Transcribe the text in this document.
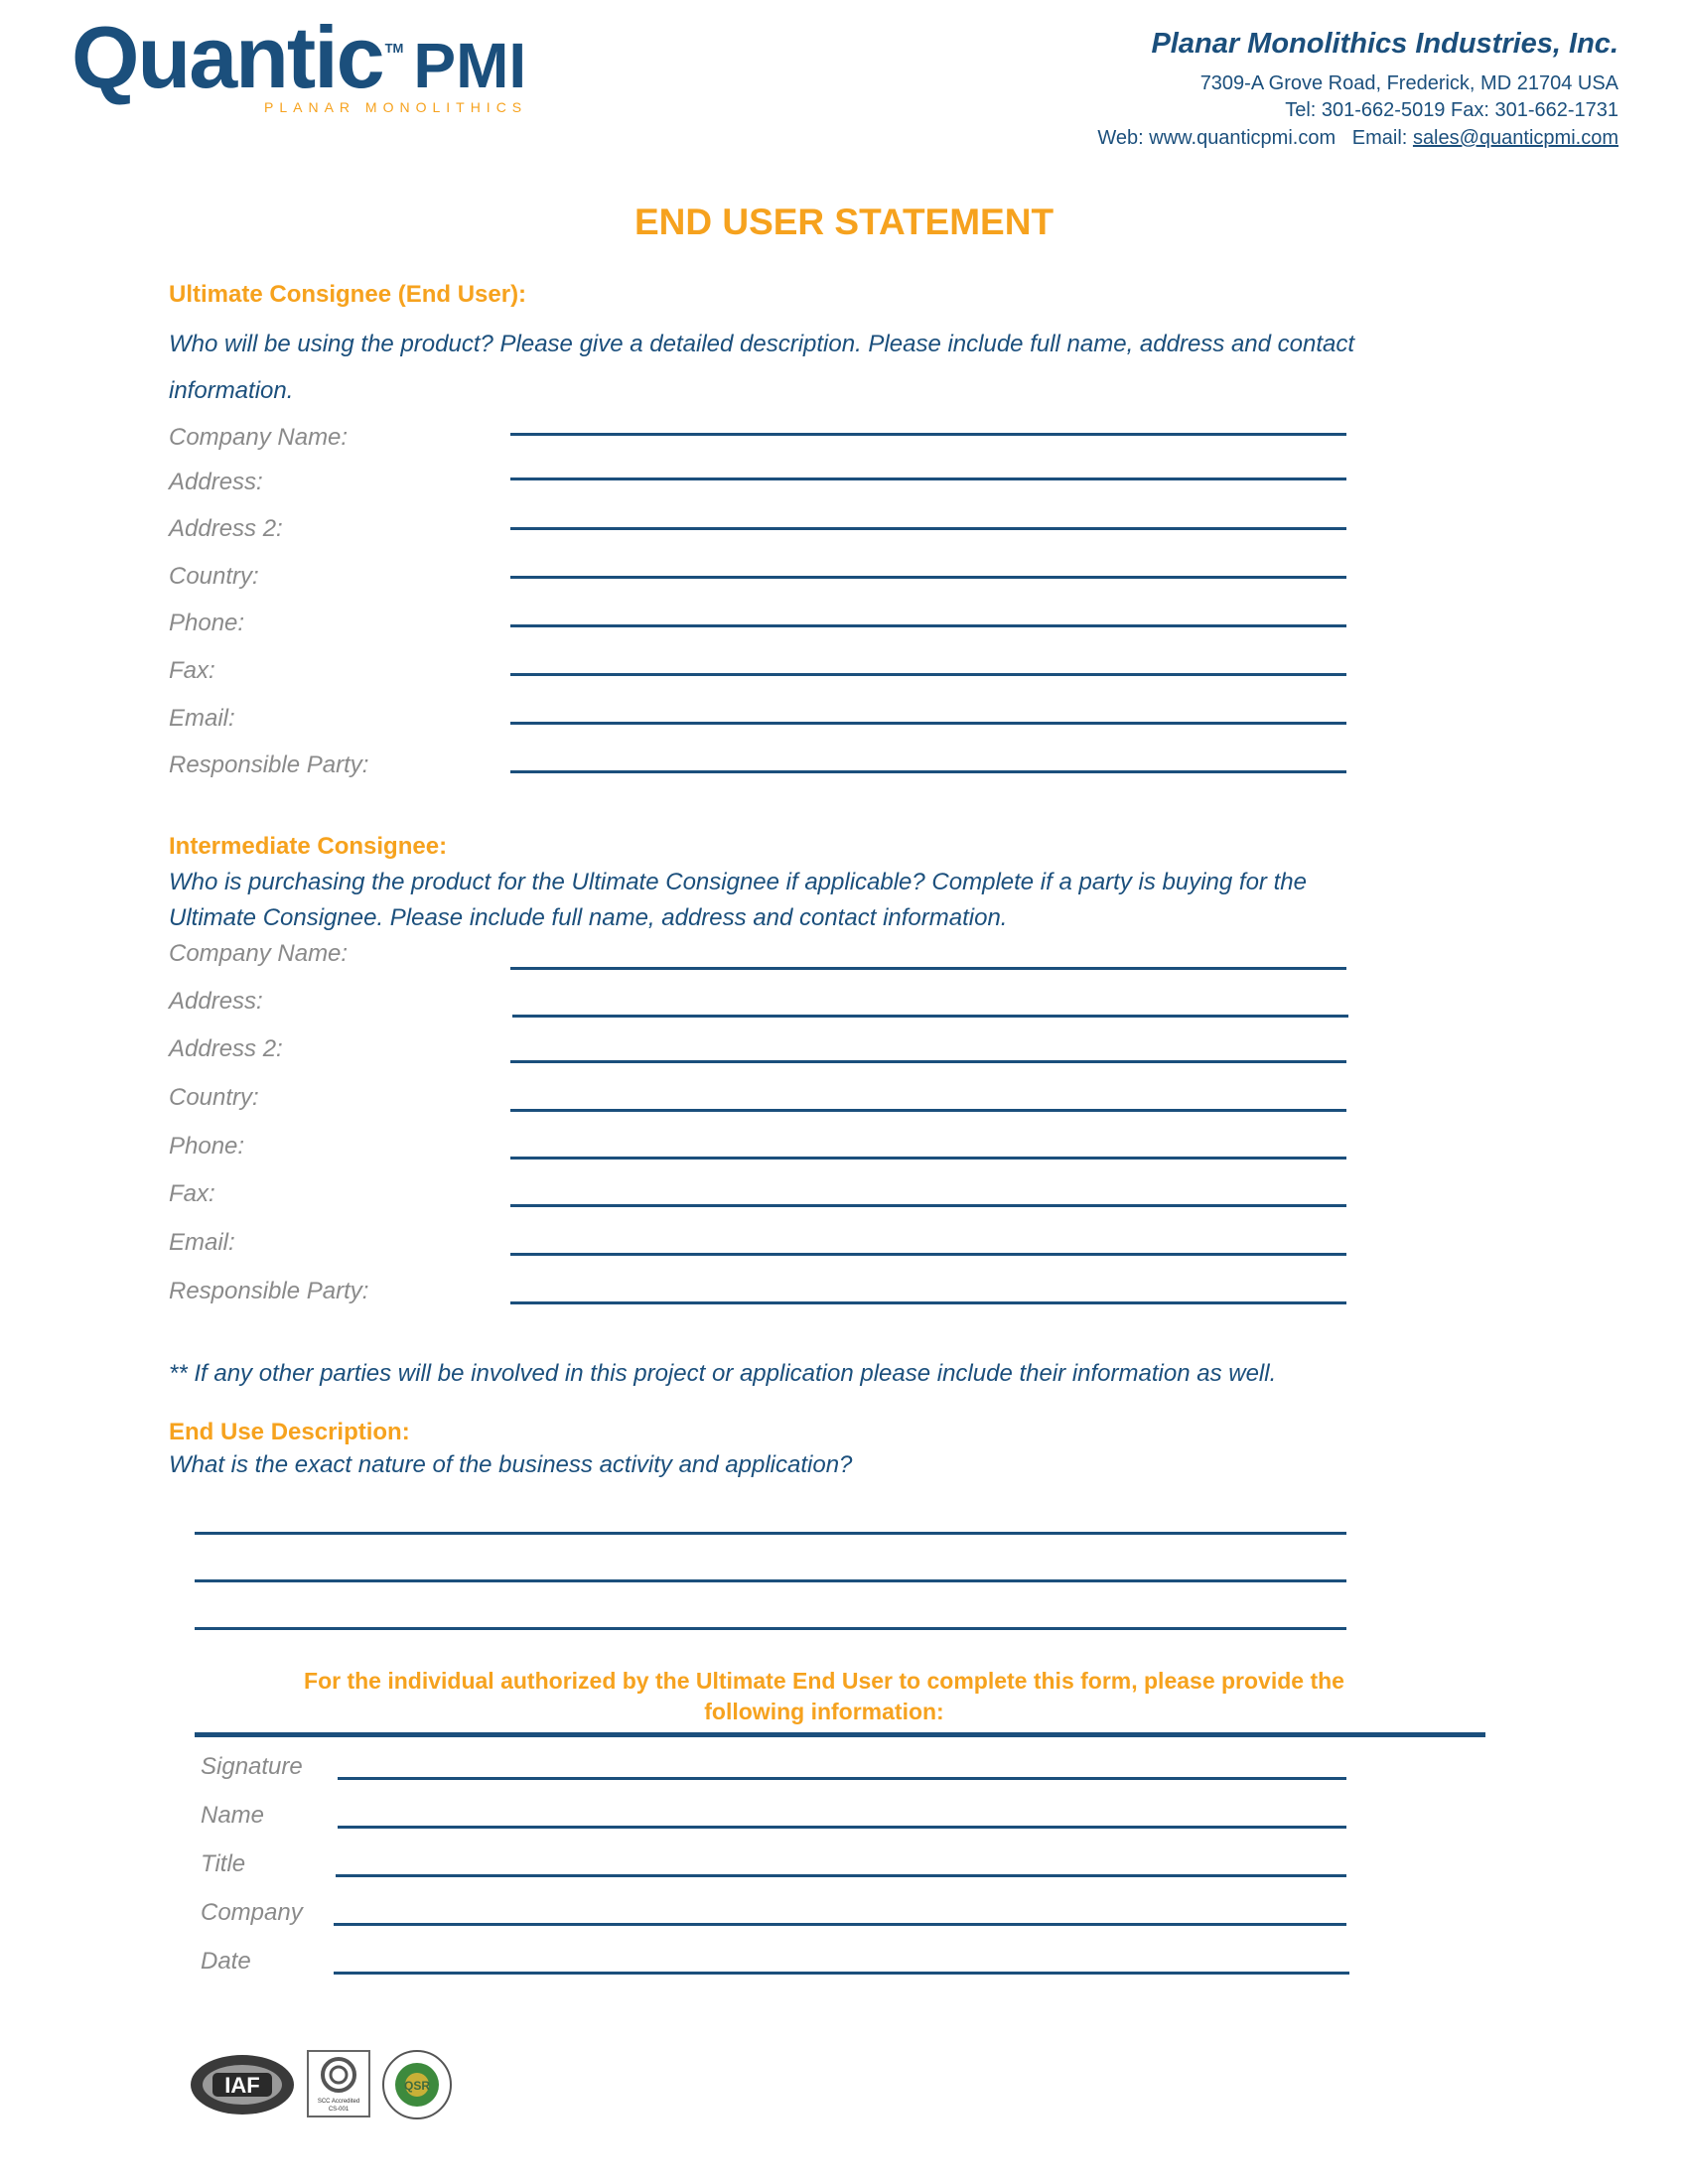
Quantic ™ PMI
PLANAR MONOLITHICS
Planar Monolithics Industries, Inc.
7309-A Grove Road, Frederick, MD 21704 USA
Tel: 301-662-5019 Fax: 301-662-1731
Web: www.quanticpmi.com Email: sales@quanticpmi.com
END USER STATEMENT
Ultimate Consignee (End User):
Who will be using the product? Please give a detailed description. Please include full name, address and contact
information.
Company Name:
Address:
Address 2:
Country:
Phone:
Fax:
Email:
Responsible Party:
Intermediate Consignee:
Who is purchasing the product for the Ultimate Consignee if applicable? Complete if a party is buying for the
Ultimate Consignee. Please include full name, address and contact information.
Company Name:
Address:
Address 2:
Country:
Phone:
Fax:
Email:
Responsible Party:
** If any other parties will be involved in this project or application please include their information as well.
End Use Description:
What is the exact nature of the business activity and application?
For the individual authorized by the Ultimate End User to complete this form, please provide the
following information:
Signature
Name
Title
Company
Date
IAF
SCC Accredited
CS-001
QSR
